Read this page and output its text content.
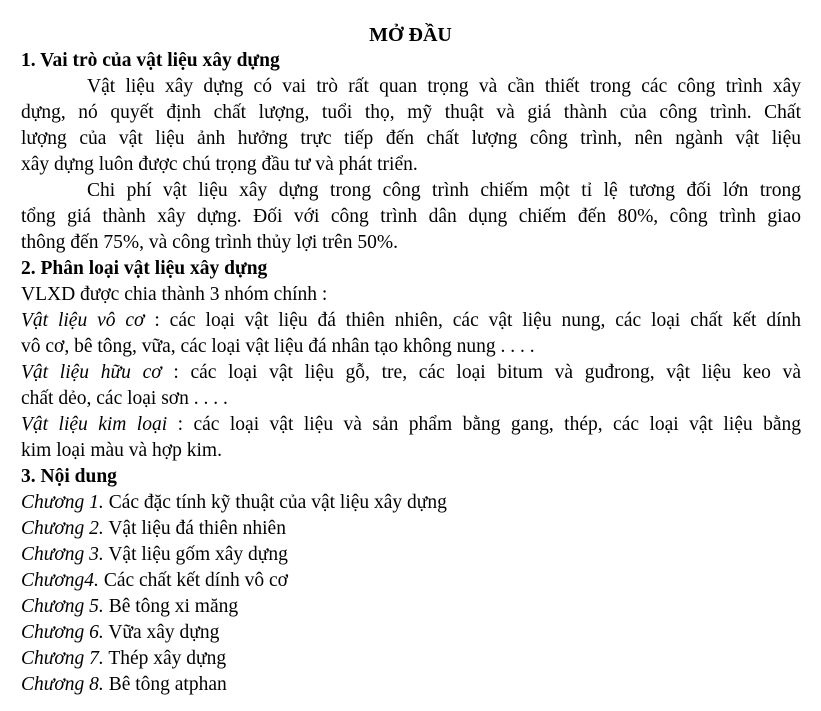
MỞ ĐẦU
1. Vai trò của vật liệu xây dựng
Vật liệu xây dựng có vai trò rất quan trọng và cần thiết trong các công trình xây
dựng, nó quyết định chất lượng, tuổi thọ, mỹ thuật và giá thành của công trình. Chất
lượng của vật liệu ảnh hưởng trực tiếp đến chất lượng công trình, nên ngành vật liệu
xây dựng luôn được chú trọng đầu tư và phát triển.
Chi phí vật liệu xây dựng trong công trình chiếm một tỉ lệ tương đối lớn trong
tổng giá thành xây dựng. Đối với công trình dân dụng chiếm đến 80%, công trình giao
thông đến 75%, và công trình thủy lợi trên 50%.
2. Phân loại vật liệu xây dựng
VLXD được chia thành 3 nhóm chính :
Vật liệu vô cơ : các loại vật liệu đá thiên nhiên, các vật liệu nung, các loại chất kết dính
vô cơ, bê tông, vữa, các loại vật liệu đá nhân tạo không nung . . . .
Vật liệu hữu cơ : các loại vật liệu gỗ, tre, các loại bitum và guđrong, vật liệu keo và
chất dẻo, các loại sơn . . . .
Vật liệu kim loại : các loại vật liệu và sản phẩm bằng gang, thép, các loại vật liệu bằng
kim loại màu và hợp kim.
3. Nội dung
Chương 1. Các đặc tính kỹ thuật của vật liệu xây dựng
Chương 2. Vật liệu đá thiên nhiên
Chương 3. Vật liệu gốm xây dựng
Chương4. Các chất kết dính vô cơ
Chương 5. Bê tông xi măng
Chương 6. Vữa xây dựng
Chương 7. Thép xây dựng
Chương 8. Bê tông atphan
